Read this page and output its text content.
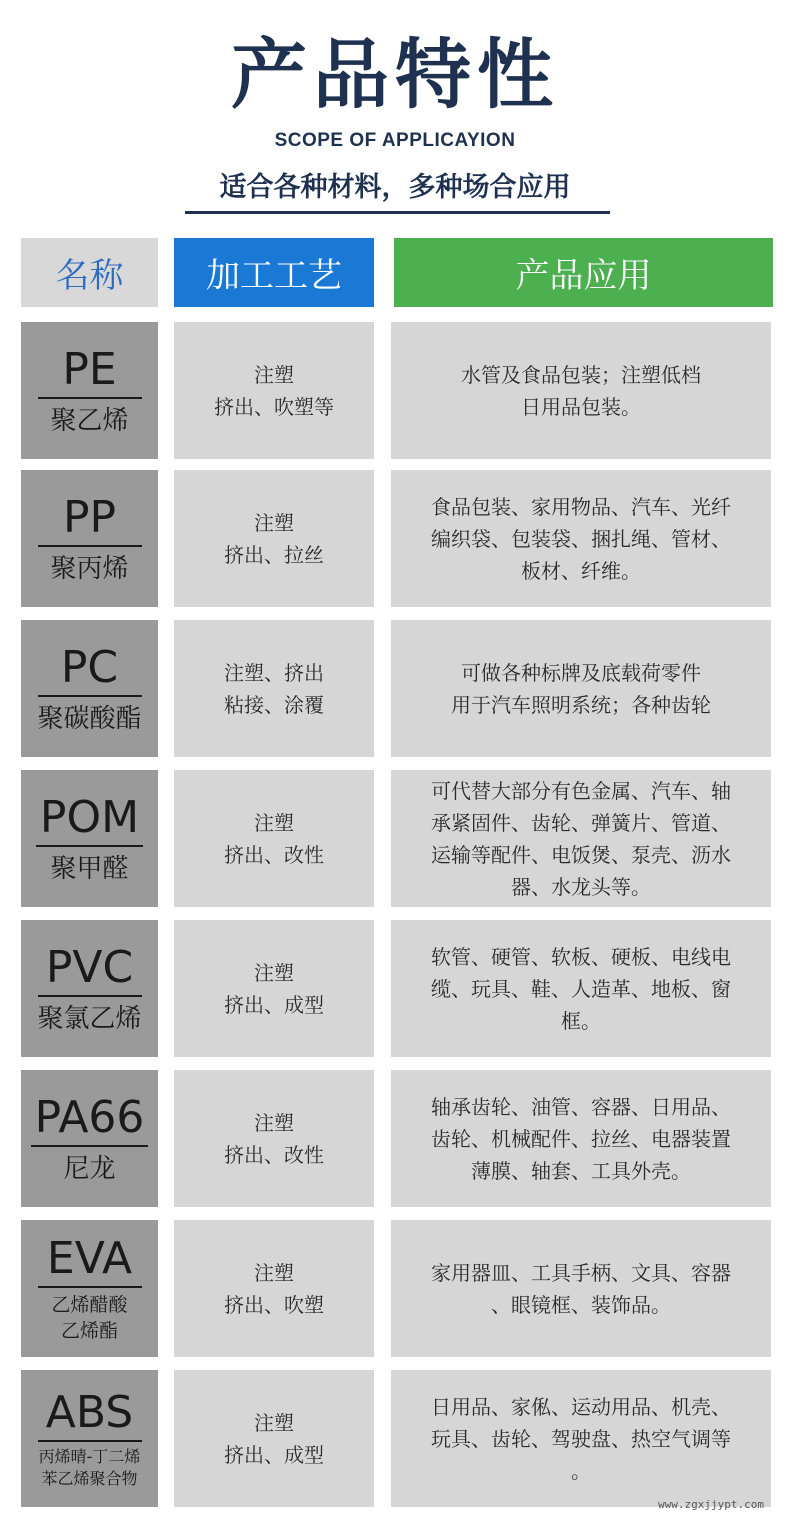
产品特性
SCOPE OF APPLICAYION
适合各种材料，多种场合应用
名称 加工工艺	产品应用
PE
聚乙烯
注塑
挤出、吹塑等
水管及食品包装；注塑低档
日用品包装。
PP
聚丙烯
注塑
挤出、拉丝
食品包装、家用物品、汽车、光纤
编织袋、包装袋、捆扎绳、管材、
板材、纤维。
PC
聚碳酸酯
注塑、挤出
粘接、涂覆
可做各种标牌及底载荷零件
用于汽车照明系统；各种齿轮
POM
聚甲醛
注塑
挤出、改性
可代替大部分有色金属、汽车、轴
承紧固件、齿轮、弹簧片、管道、
运输等配件、电饭煲、泵壳、沥水
器、水龙头等。
PVC
聚氯乙烯
注塑
挤出、成型
软管、硬管、软板、硬板、电线电
缆、玩具、鞋、人造革、地板、窗
框。
PA66
尼龙
注塑
挤出、改性
轴承齿轮、油管、容器、日用品、
齿轮、机械配件、拉丝、电器装置
薄膜、轴套、工具外壳。
EVA
乙烯醋酸
乙烯酯
注塑
挤出、吹塑
家用器皿、工具手柄、文具、容器
、眼镜框、装饰品。
ABS
丙烯晴-丁二烯
苯乙烯聚合物
注塑
挤出、成型
日用品、家俬、运动用品、机壳、
玩具、齿轮、驾驶盘、热空气调等
。
www.zgxjjypt.com
